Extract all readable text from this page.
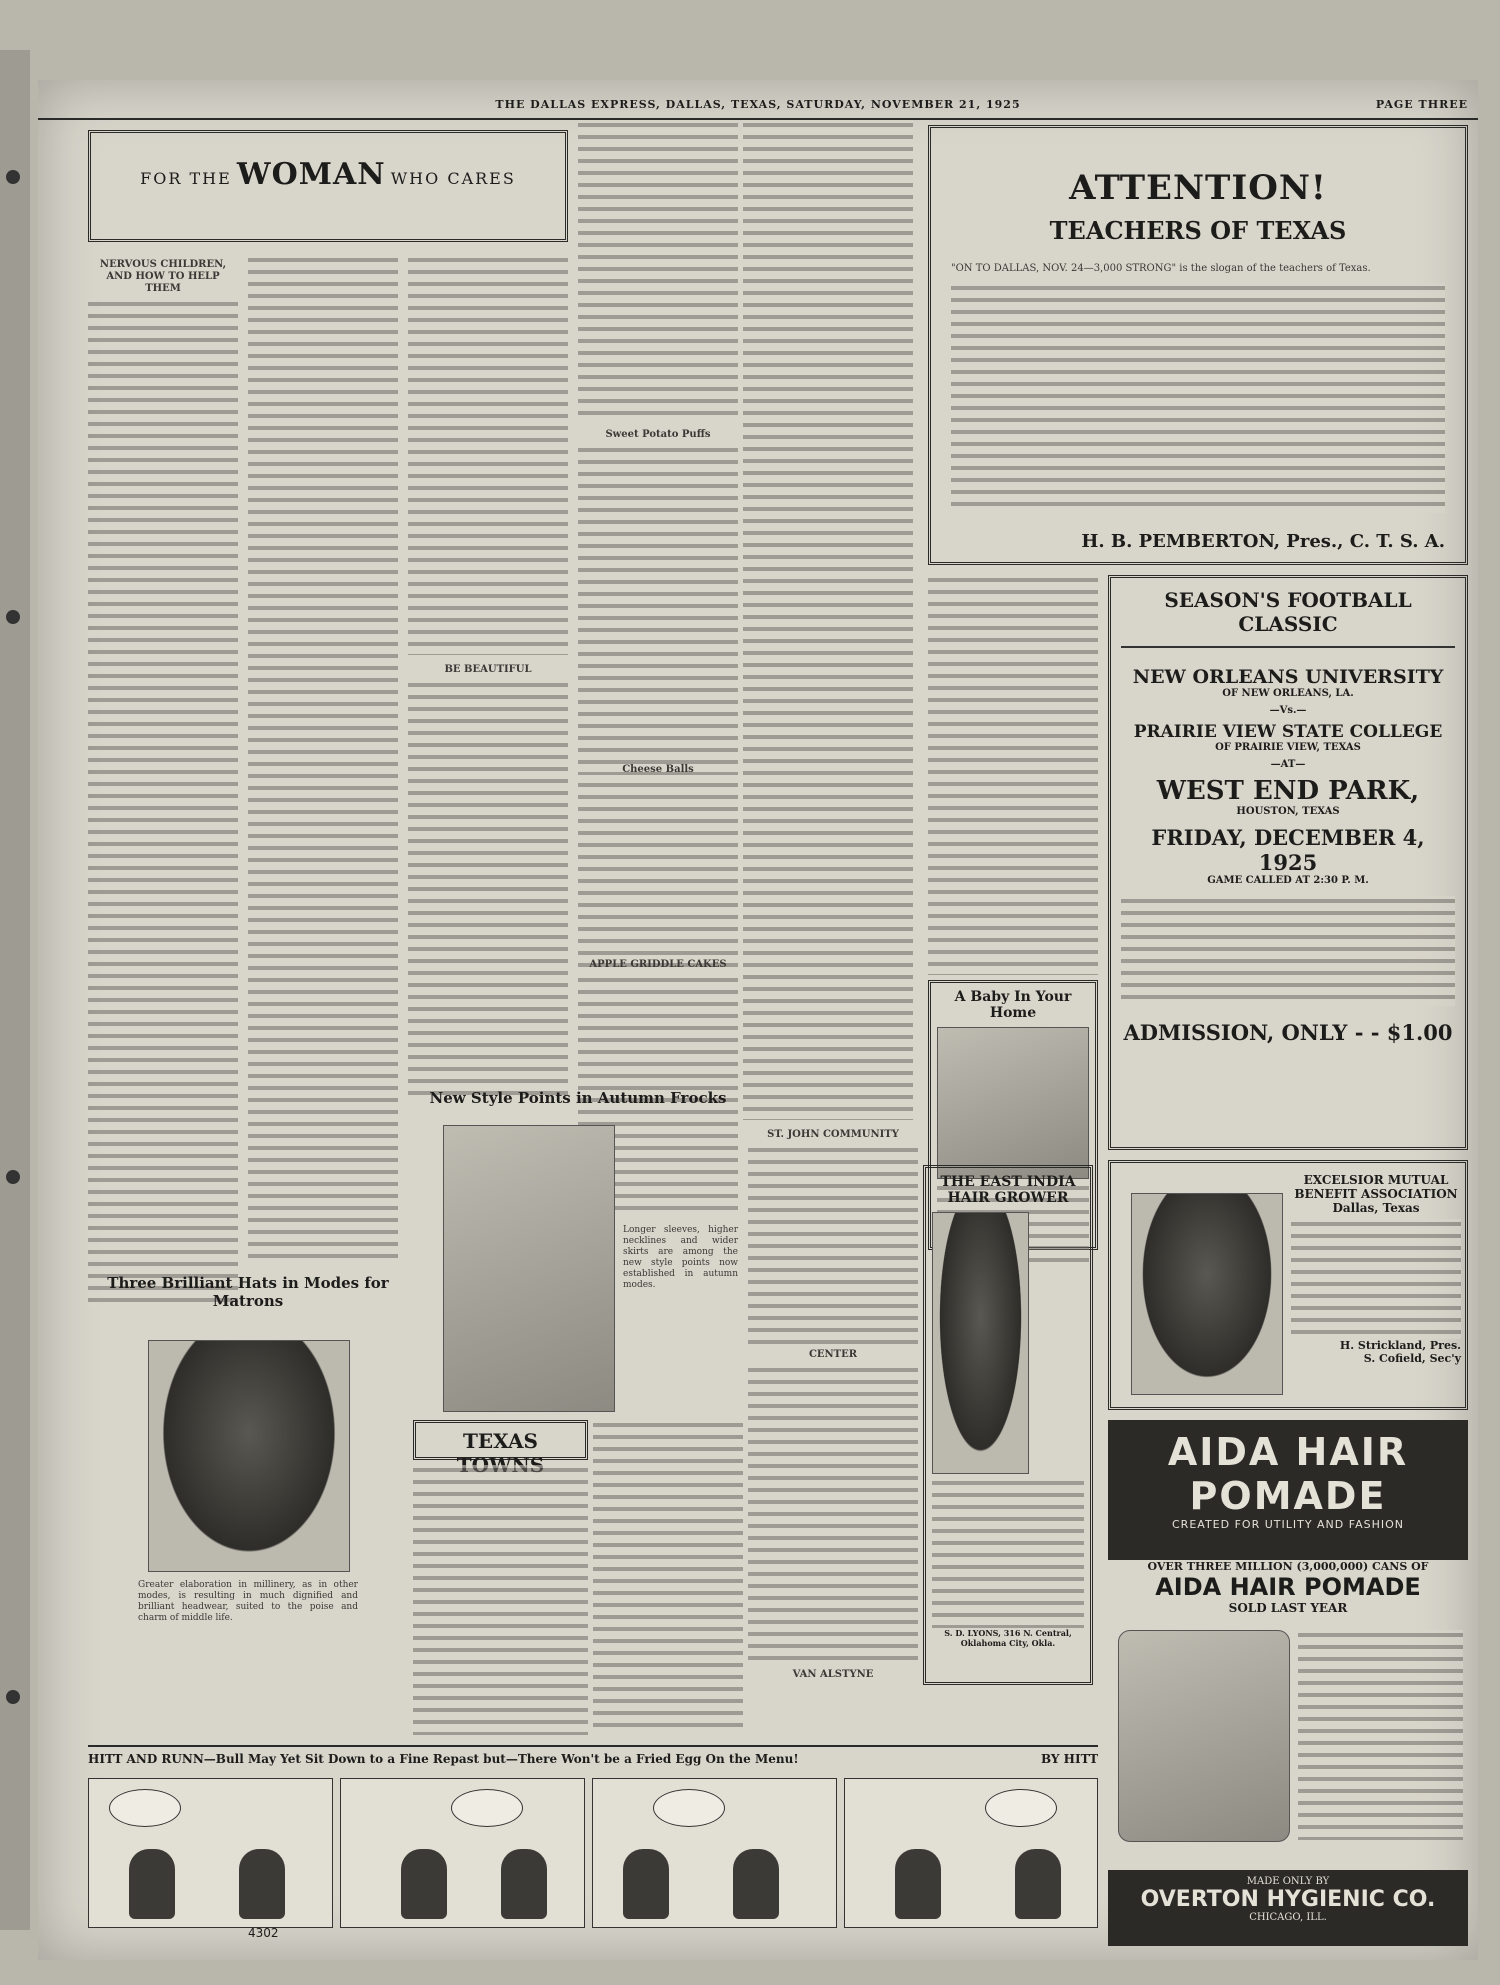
THE DALLAS EXPRESS, DALLAS, TEXAS, SATURDAY, NOVEMBER 21, 1925	PAGE THREE
FOR THE WOMAN WHO CARES
NERVOUS CHILDREN, AND HOW TO HELP THEM
BE BEAUTIFUL
Sweet Potato Puffs
Cheese Balls
APPLE GRIDDLE CAKES
Three Brilliant Hats in Modes for Matrons
Greater elaboration in millinery, as in other modes, is resulting in much dignified and brilliant headwear, suited to the poise and charm of middle life.
New Style Points in Autumn Frocks
Longer sleeves, higher necklines and wider skirts are among the new style points now established in autumn modes.
TEXAS
ST. JOHN COMMUNITY
CENTER
VAN ALSTYNE
ATTENTION!
TEACHERS OF TEXAS
"ON TO DALLAS, NOV. 24—3,000 STRONG" is the slogan of the teachers of Texas.
H. B. PEMBERTON, Pres., C. T. S. A.
SEASON'S FOOTBALL CLASSIC
NEW ORLEANS UNIVERSITY
OF NEW ORLEANS, LA.
—Vs.—
PRAIRIE VIEW STATE COLLEGE
OF PRAIRIE VIEW, TEXAS
—AT—
WEST END PARK,
HOUSTON, TEXAS
FRIDAY, DECEMBER 4, 1925
GAME CALLED AT 2:30 P. M.
ADMISSION, ONLY - - $1.00
A Baby In Your Home
THE EAST INDIA HAIR GROWER
S. D. LYONS, 316 N. Central, Oklahoma City, Okla.
EXCELSIOR MUTUAL BENEFIT ASSOCIATION
Dallas, Texas
H. Strickland, Pres.
S. Cofield, Sec'y
AIDA HAIR
POMADE
CREATED FOR UTILITY AND FASHION
OVER THREE MILLION (3,000,000) CANS OF
AIDA HAIR POMADE
SOLD LAST YEAR
MADE ONLY BY
OVERTON HYGIENIC CO.
CHICAGO, ILL.
HITT AND RUNN—Bull May Yet Sit Down to a Fine Repast but—There Won't be a Fried Egg On the Menu!	BY HITT
4302
